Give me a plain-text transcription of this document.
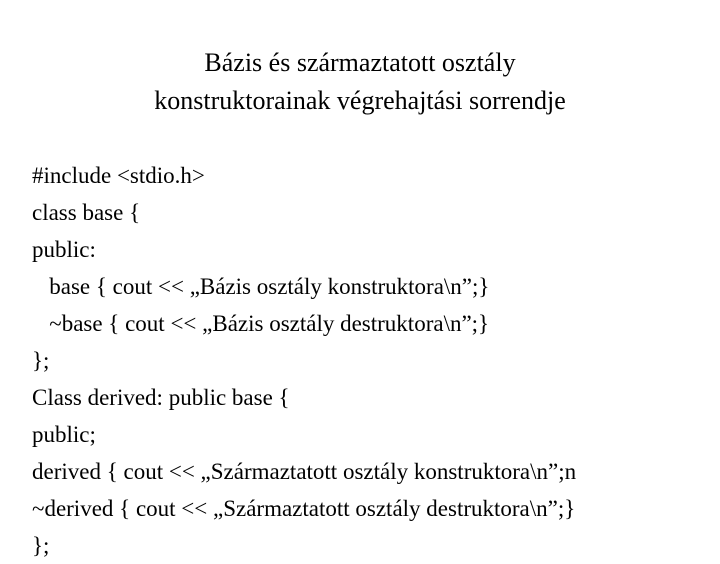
Bázis és származtatott osztály
konstruktorainak végrehajtási sorrendje
#include <stdio.h>
class base {
public:
base { cout << „Bázis osztály konstruktora\n”;}
~base { cout << „Bázis osztály destruktora\n”;}
};
Class derived: public base {
public;
derived { cout << „Származtatott osztály konstruktora\n”;n
~derived { cout << „Származtatott osztály destruktora\n”;}
};
